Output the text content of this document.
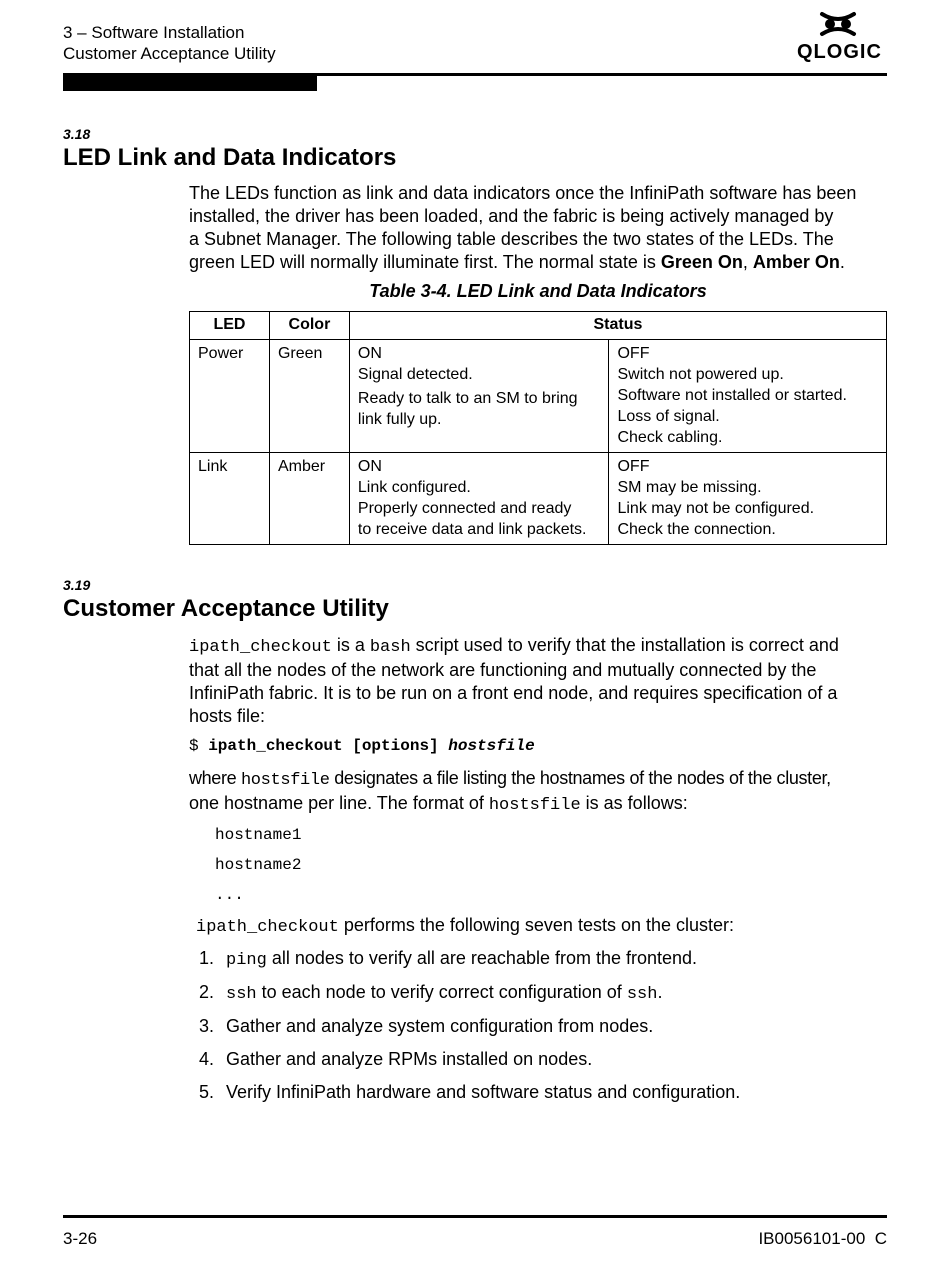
3 – Software Installation
Customer Acceptance Utility	QLOGIC
3.18
LED Link and Data Indicators
The LEDs function as link and data indicators once the InfiniPath software has been
installed, the driver has been loaded, and the fabric is being actively managed by
a Subnet Manager. The following table describes the two states of the LEDs. The
green LED will normally illuminate first. The normal state is Green On, Amber On.
Table 3-4. LED Link and Data Indicators
LED	Color	Status	
Power	Green	ON
Signal detected.
Ready to talk to an SM to bring
link fully up.	OFF
Switch not powered up.
Software not installed or started.
Loss of signal.
Check cabling.

Link	Amber	ON
Link configured.
Properly connected and ready
to receive data and link packets.	OFF
SM may be missing.
Link may not be configured.
Check the connection.
3.19
Customer Acceptance Utility
ipath_checkout is a bash script used to verify that the installation is correct and
that all the nodes of the network are functioning and mutually connected by the
InfiniPath fabric. It is to be run on a front end node, and requires specification of a
hosts file:
$ ipath_checkout [options] hostsfile
where hostsfile designates a file listing the hostnames of the nodes of the cluster,
one hostname per line. The format of hostsfile is as follows:
hostname1
hostname2
...
ipath_checkout performs the following seven tests on the cluster:
1. ping all nodes to verify all are reachable from the frontend.
2. ssh to each node to verify correct configuration of ssh.
3. Gather and analyze system configuration from nodes.
4. Gather and analyze RPMs installed on nodes.
5. Verify InfiniPath hardware and software status and configuration.
3-26	IB0056101-00  C
